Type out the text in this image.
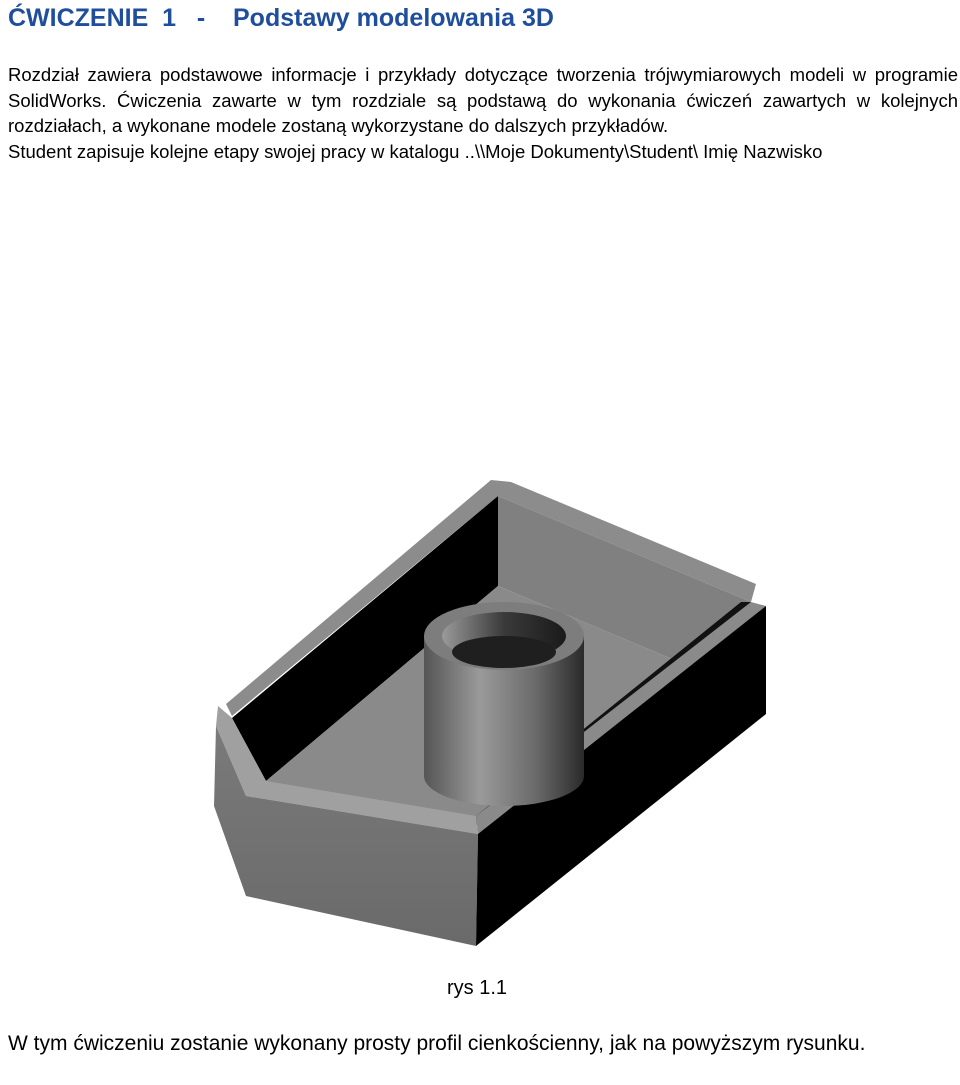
ĆWICZENIE  1   -    Podstawy modelowania 3D

Rozdział zawiera podstawowe informacje i przykłady dotyczące tworzenia trójwymiarowych modeli w programie SolidWorks. Ćwiczenia zawarte w tym rozdziale są podstawą do wykonania ćwiczeń zawartych w kolejnych rozdziałach, a wykonane modele zostaną wykorzystane do dalszych przykładów.

Student zapisuje kolejne etapy swojej pracy w katalogu ..\\Moje Dokumenty\Student\ Imię Nazwisko

rys 1.1

W tym ćwiczeniu zostanie wykonany prosty profil cienkościenny, jak na powyższym rysunku.
